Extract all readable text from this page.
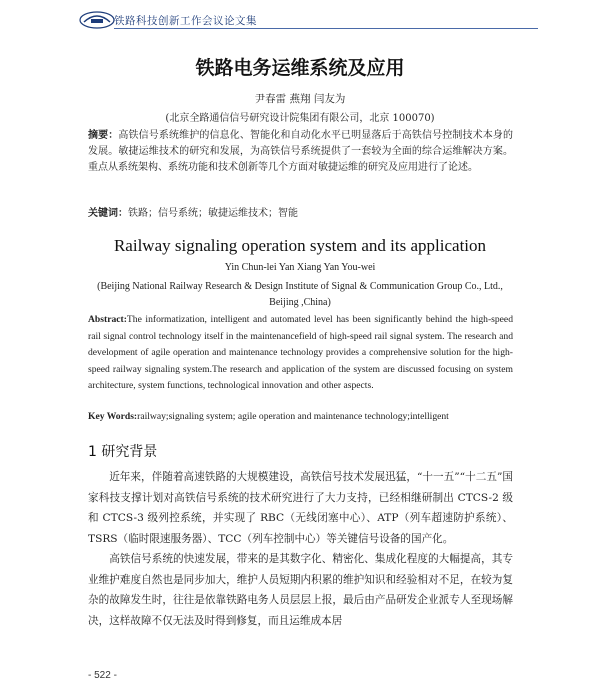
铁路科技创新工作会议论文集
铁路电务运维系统及应用
尹春雷 燕翔 闫友为
(北京全路通信信号研究设计院集团有限公司，北京 100070)
摘要：高铁信号系统维护的信息化、智能化和自动化水平已明显落后于高铁信号控制技术本身的发展。敏捷运维技术的研究和发展，为高铁信号系统提供了一套较为全面的综合运维解决方案。重点从系统架构、系统功能和技术创新等几个方面对敏捷运维的研究及应用进行了论述。
关键词：铁路；信号系统；敏捷运维技术；智能
Railway signaling operation system and its application
Yin Chun-lei Yan Xiang Yan You-wei
(Beijing National Railway Research & Design Institute of Signal & Communication Group Co., Ltd., Beijing ,China)
Abstract:The informatization, intelligent and automated level has been significantly behind the high-speed rail signal control technology itself in the maintenancefield of high-speed rail signal system. The research and development of agile operation and maintenance technology provides a comprehensive solution for the high-speed railway signaling system.The research and application of the system are discussed focusing on system architecture, system functions, technological innovation and other aspects.
Key Words:railway;signaling system; agile operation and maintenance technology;intelligent
1 研究背景

近年来，伴随着高速铁路的大规模建设，高铁信号技术发展迅猛，“十一五”“十二五”国家科技支撑计划对高铁信号系统的技术研究进行了大力支持，已经相继研制出 CTCS-2 级和 CTCS-3 级列控系统，并实现了 RBC（无线闭塞中心）、ATP（列车超速防护系统）、TSRS（临时限速服务器）、TCC（列车控制中心）等关键信号设备的国产化。

高铁信号系统的快速发展，带来的是其数字化、精密化、集成化程度的大幅提高，其专业维护难度自然也是同步加大，维护人员短期内积累的维护知识和经验相对不足，在较为复杂的故障发生时，往往是依靠铁路电务人员层层上报，最后由产品研发企业派专人至现场解决，这样故障不仅无法及时得到修复，而且运维成本居

- 522 -
